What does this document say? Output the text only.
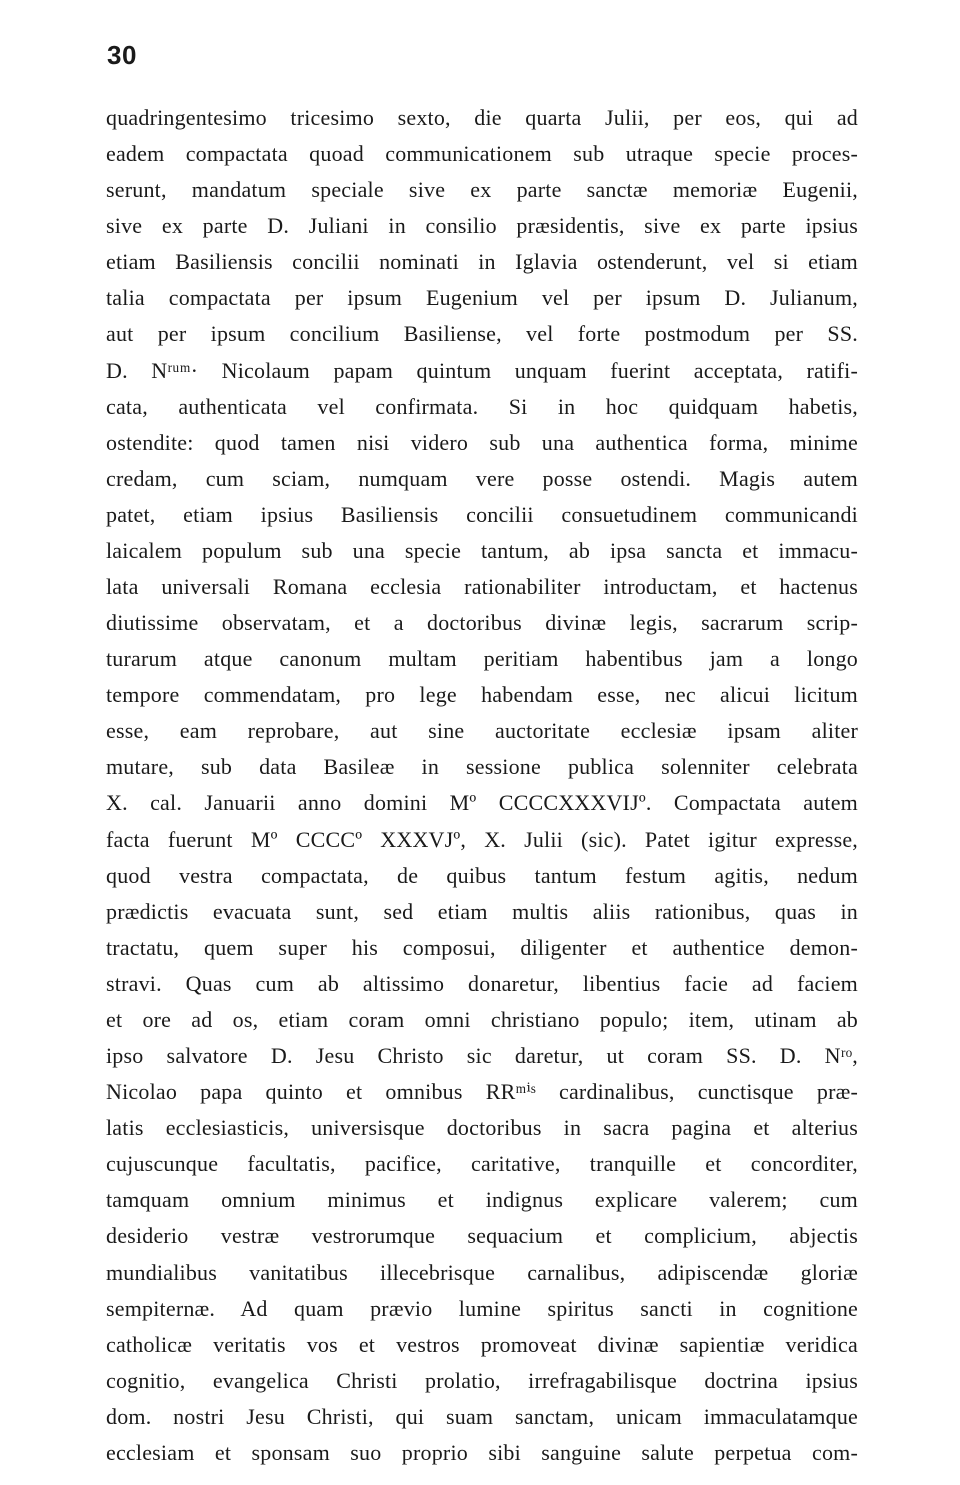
30
quadringentesimo tricesimo sexto, die quarta Julii, per eos, qui ad
eadem compactata quoad communicationem sub utraque specie proces-
serunt, mandatum speciale sive ex parte sanctæ memoriæ Eugenii,
sive ex parte D. Juliani in consilio præsidentis, sive ex parte ipsius
etiam Basiliensis concilii nominati in Iglavia ostenderunt, vel si etiam
talia compactata per ipsum Eugenium vel per ipsum D. Julianum,
aut per ipsum concilium Basiliense, vel forte postmodum per SS.
D. Nʳᵘᵐ· Nicolaum papam quintum unquam fuerint acceptata, ratifi-
cata, authenticata vel confirmata. Si in hoc quidquam habetis,
ostendite: quod tamen nisi videro sub una authentica forma, minime
credam, cum sciam, numquam vere posse ostendi. Magis autem
patet, etiam ipsius Basiliensis concilii consuetudinem communicandi
laicalem populum sub una specie tantum, ab ipsa sancta et immacu-
lata universali Romana ecclesia rationabiliter introductam, et hactenus
diutissime observatam, et a doctoribus divinæ legis, sacrarum scrip-
turarum atque canonum multam peritiam habentibus jam a longo
tempore commendatam, pro lege habendam esse, nec alicui licitum
esse, eam reprobare, aut sine auctoritate ecclesiæ ipsam aliter
mutare, sub data Basileæ in sessione publica solenniter celebrata
X. cal. Januarii anno domini Mº CCCCXXXVIJº. Compactata autem
facta fuerunt Mº CCCCº XXXVJº, X. Julii (sic). Patet igitur expresse,
quod vestra compactata, de quibus tantum festum agitis, nedum
prædictis evacuata sunt, sed etiam multis aliis rationibus, quas in
tractatu, quem super his composui, diligenter et authentice demon-
stravi. Quas cum ab altissimo donaretur, libentius facie ad faciem
et ore ad os, etiam coram omni christiano populo; item, utinam ab
ipso salvatore D. Jesu Christo sic daretur, ut coram SS. D. Nʳᵒ,
Nicolao papa quinto et omnibus RRᵐⁱˢ cardinalibus, cunctisque præ-
latis ecclesiasticis, universisque doctoribus in sacra pagina et alterius
cujuscunque facultatis, pacifice, caritative, tranquille et concorditer,
tamquam omnium minimus et indignus explicare valerem; cum
desiderio vestræ vestrorumque sequacium et complicium, abjectis
mundialibus vanitatibus illecebrisque carnalibus, adipiscendæ gloriæ
sempiternæ. Ad quam prævio lumine spiritus sancti in cognitione
catholicæ veritatis vos et vestros promoveat divinæ sapientiæ veridica
cognitio, evangelica Christi prolatio, irrefragabilisque doctrina ipsius
dom. nostri Jesu Christi, qui suam sanctam, unicam immaculatamque
ecclesiam et sponsam suo proprio sibi sanguine salute perpetua com-
